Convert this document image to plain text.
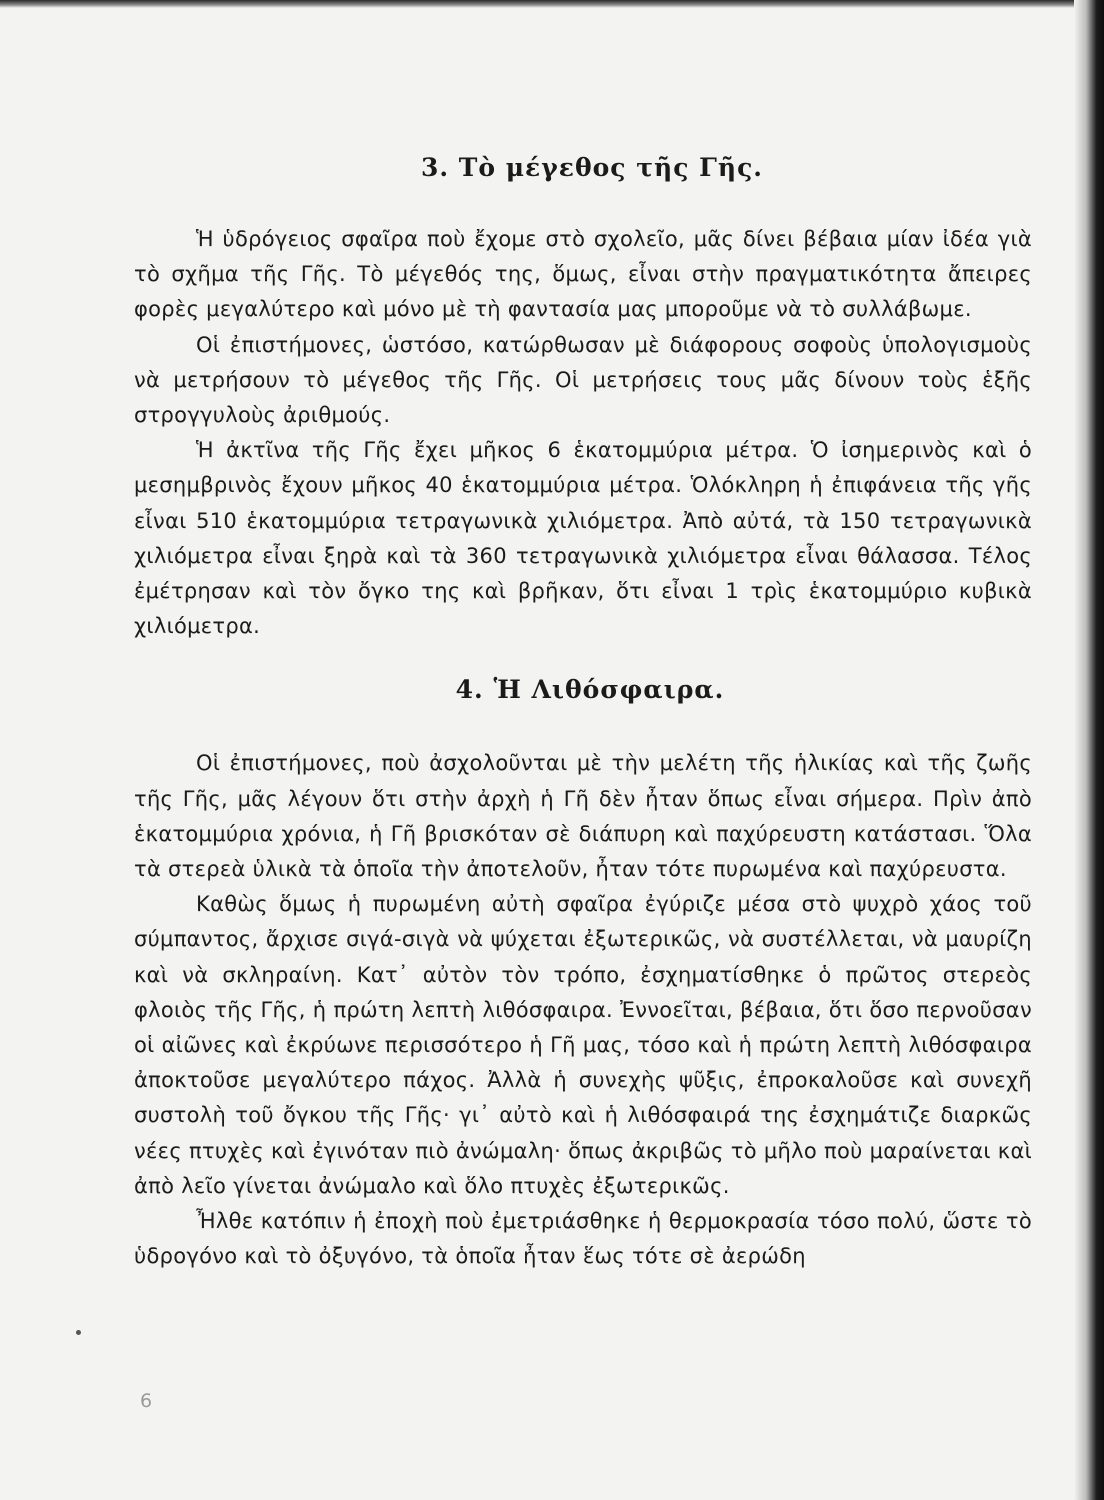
3. Τὸ μέγεθος τῆς Γῆς.

Ἡ ὑδρόγειος σφαῖρα ποὺ ἔχομε στὸ σχολεῖο, μᾶς δίνει βέβαια μίαν ἰδέα γιὰ τὸ σχῆμα τῆς Γῆς. Τὸ μέγεθός της, ὅμως, εἶναι στὴν πραγματικότητα ἄπειρες φορὲς μεγαλύτερο καὶ μόνο μὲ τὴ φαντασία μας μποροῦμε νὰ τὸ συλλάβωμε.

Οἱ ἐπιστήμονες, ὡστόσο, κατώρθωσαν μὲ διάφορους σοφοὺς ὑπολογισμοὺς νὰ μετρήσουν τὸ μέγεθος τῆς Γῆς. Οἱ μετρήσεις τους μᾶς δίνουν τοὺς ἑξῆς στρογγυλοὺς ἀριθμούς.

Ἡ ἀκτῖνα τῆς Γῆς ἔχει μῆκος 6 ἑκατομμύρια μέτρα. Ὁ ἰσημερινὸς καὶ ὁ μεσημβρινὸς ἔχουν μῆκος 40 ἑκατομμύρια μέτρα. Ὁλόκληρη ἡ ἐπιφάνεια τῆς γῆς εἶναι 510 ἑκατομμύρια τετραγωνικὰ χιλιόμετρα. Ἀπὸ αὐτά, τὰ 150 τετραγωνικὰ χιλιόμετρα εἶναι ξηρὰ καὶ τὰ 360 τετραγωνικὰ χιλιόμετρα εἶναι θάλασσα. Τέλος ἐμέτρησαν καὶ τὸν ὄγκο της καὶ βρῆκαν, ὅτι εἶναι 1 τρὶς ἑκατομμύριο κυβικὰ χιλιόμετρα.

4. Ἡ Λιθόσφαιρα.

Οἱ ἐπιστήμονες, ποὺ ἀσχολοῦνται μὲ τὴν μελέτη τῆς ἡλικίας καὶ τῆς ζωῆς τῆς Γῆς, μᾶς λέγουν ὅτι στὴν ἀρχὴ ἡ Γῆ δὲν ἦταν ὅπως εἶναι σήμερα. Πρὶν ἀπὸ ἑκατομμύρια χρόνια, ἡ Γῆ βρισκόταν σὲ διάπυρη καὶ παχύρευστη κατάστασι. Ὅλα τὰ στερεὰ ὑλικὰ τὰ ὁποῖα τὴν ἀποτελοῦν, ἦταν τότε πυρωμένα καὶ παχύρευστα.

Καθὼς ὅμως ἡ πυρωμένη αὐτὴ σφαῖρα ἐγύριζε μέσα στὸ ψυχρὸ χάος τοῦ σύμπαντος, ἄρχισε σιγά-σιγὰ νὰ ψύχεται ἐξωτερικῶς, νὰ συστέλλεται, νὰ μαυρίζη καὶ νὰ σκληραίνη. Κατ᾽ αὐτὸν τὸν τρόπο, ἐσχηματίσθηκε ὁ πρῶτος στερεὸς φλοιὸς τῆς Γῆς, ἡ πρώτη λεπτὴ λιθόσφαιρα. Ἐννοεῖται, βέβαια, ὅτι ὅσο περνοῦσαν οἱ αἰῶνες καὶ ἐκρύωνε περισσότερο ἡ Γῆ μας, τόσο καὶ ἡ πρώτη λεπτὴ λιθόσφαιρα ἀποκτοῦσε μεγαλύτερο πάχος. Ἀλλὰ ἡ συνεχὴς ψῦξις, ἐπροκαλοῦσε καὶ συνεχῆ συστολὴ τοῦ ὄγκου τῆς Γῆς· γι᾽ αὐτὸ καὶ ἡ λιθόσφαιρά της ἐσχημάτιζε διαρκῶς νέες πτυχὲς καὶ ἐγινόταν πιὸ ἀνώμαλη· ὅπως ἀκριβῶς τὸ μῆλο ποὺ μαραίνεται καὶ ἀπὸ λεῖο γίνεται ἀνώμαλο καὶ ὅλο πτυχὲς ἐξωτερικῶς.

Ἦλθε κατόπιν ἡ ἐποχὴ ποὺ ἐμετριάσθηκε ἡ θερμοκρασία τόσο πολύ, ὥστε τὸ ὑδρογόνο καὶ τὸ ὀξυγόνο, τὰ ὁποῖα ἦταν ἕως τότε σὲ ἀερώδη

6
